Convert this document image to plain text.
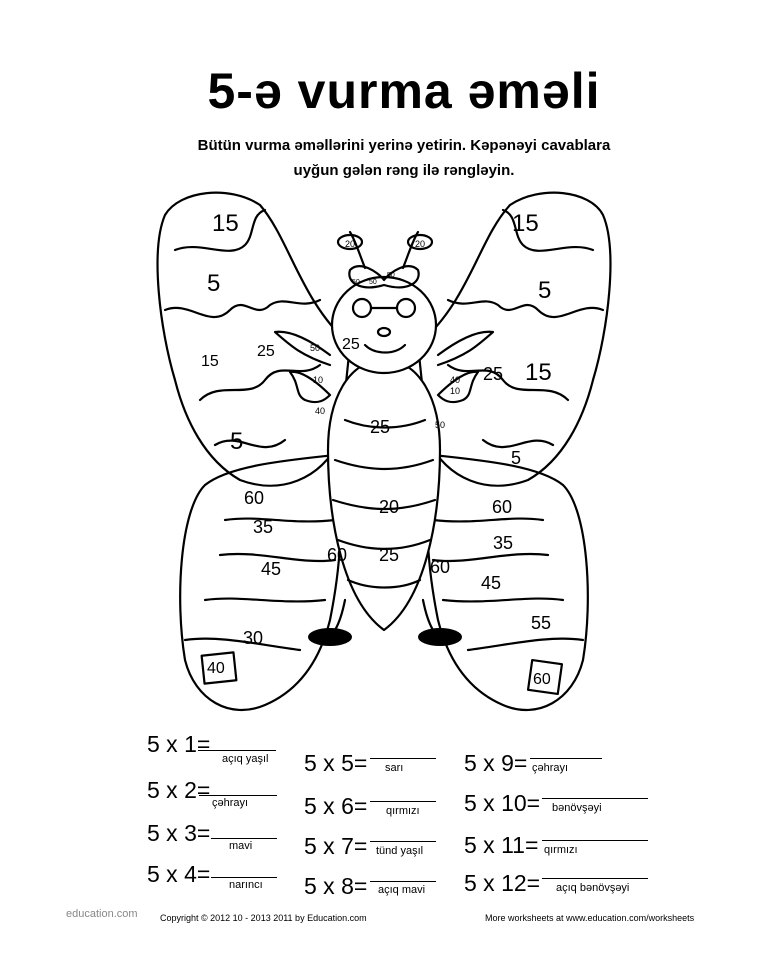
5-ə vurma əməli
Bütün vurma əməllərini yerinə yetirin. Kəpənəyi cavablara
uyğun gələn rəng ilə rəngləyin.
15	15
5	5
15
25
25 15
5
5
25
60	20	60
35
35
45
60 25
60
45
55
30
40
60
20	20
50 50
50
50
10
40
40
10
50
25
5 x 1=
açıq yaşıl
5 x 2= çəhrayı
5 x 3= mavi
5 x 4= narıncı
5 x 5= sarı
5 x 6= qırmızı
5 x 7= tünd yaşıl
5 x 8= açıq mavi
5 x 9= çəhrayı
5 x 10= bənövşəyi
5 x 11= qırmızı
5 x 12= açıq bənövşəyi
education.com Copyright © 2012 10 - 2013 2011 by Education.com	More worksheets at www.education.com/worksheets
